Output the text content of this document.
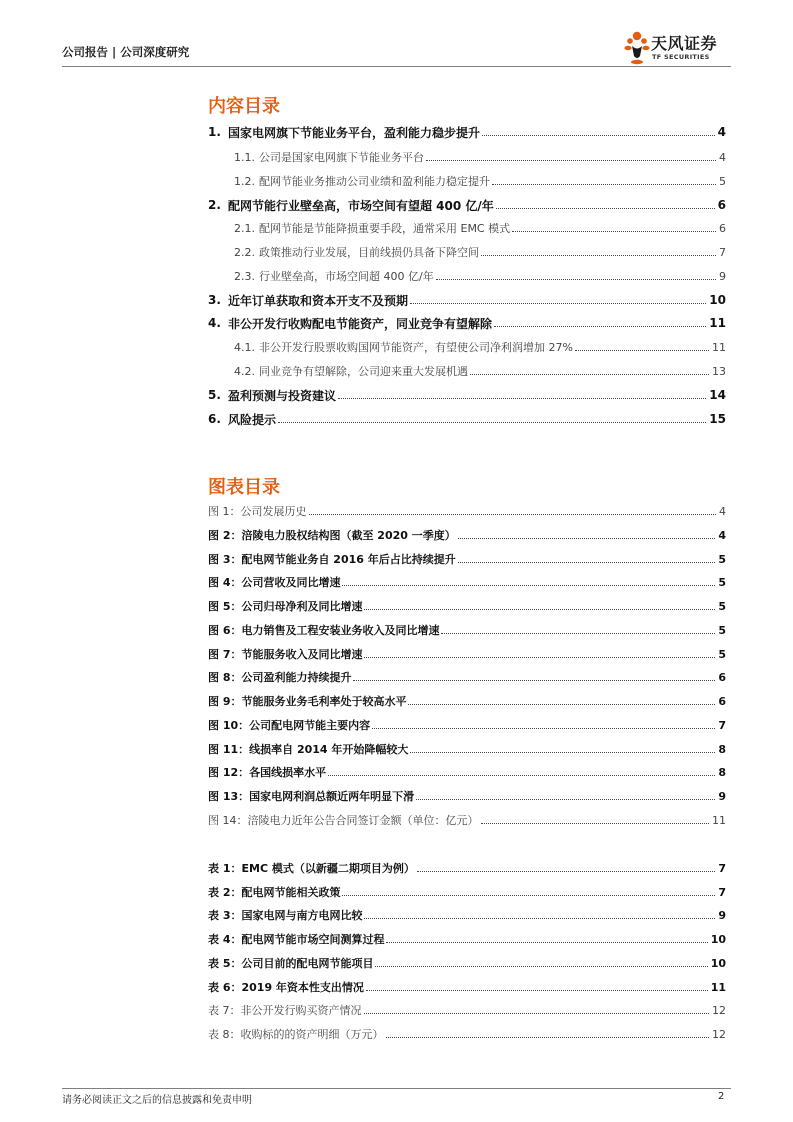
公司报告 | 公司深度研究	天风证券
TF SECURITIES
内容目录
1. 国家电网旗下节能业务平台，盈利能力稳步提升	4
1.1. 公司是国家电网旗下节能业务平台	4
1.2. 配网节能业务推动公司业绩和盈利能力稳定提升	5
2. 配网节能行业壁垒高，市场空间有望超 400 亿/年	6
2.1. 配网节能是节能降损重要手段，通常采用 EMC 模式	6
2.2. 政策推动行业发展，目前线损仍具备下降空间	7
2.3. 行业壁垒高，市场空间超 400 亿/年	9
3. 近年订单获取和资本开支不及预期	10
4. 非公开发行收购配电节能资产，同业竞争有望解除	11
4.1. 非公开发行股票收购国网节能资产，有望使公司净利润增加 27%	11
4.2. 同业竞争有望解除，公司迎来重大发展机遇	13
5. 盈利预测与投资建议	14
6. 风险提示	15
图表目录
图 1：公司发展历史	4
图 2：涪陵电力股权结构图（截至 2020 一季度）	4
图 3：配电网节能业务自 2016 年后占比持续提升	5
图 4：公司营收及同比增速	5
图 5：公司归母净利及同比增速	5
图 6：电力销售及工程安装业务收入及同比增速	5
图 7：节能服务收入及同比增速	5
图 8：公司盈利能力持续提升	6
图 9：节能服务业务毛利率处于较高水平	6
图 10：公司配电网节能主要内容	7
图 11：线损率自 2014 年开始降幅较大	8
图 12：各国线损率水平	8
图 13：国家电网利润总额近两年明显下滑	9
图 14：涪陵电力近年公告合同签订金额（单位：亿元）	11
表 1：EMC 模式（以新疆二期项目为例）	7
表 2：配电网节能相关政策	7
表 3：国家电网与南方电网比较	9
表 4：配电网节能市场空间测算过程	10
表 5：公司目前的配电网节能项目	10
表 6：2019 年资本性支出情况	11
表 7：非公开发行购买资产情况	12
表 8：收购标的的资产明细（万元）	12
请务必阅读正文之后的信息披露和免责申明	2
